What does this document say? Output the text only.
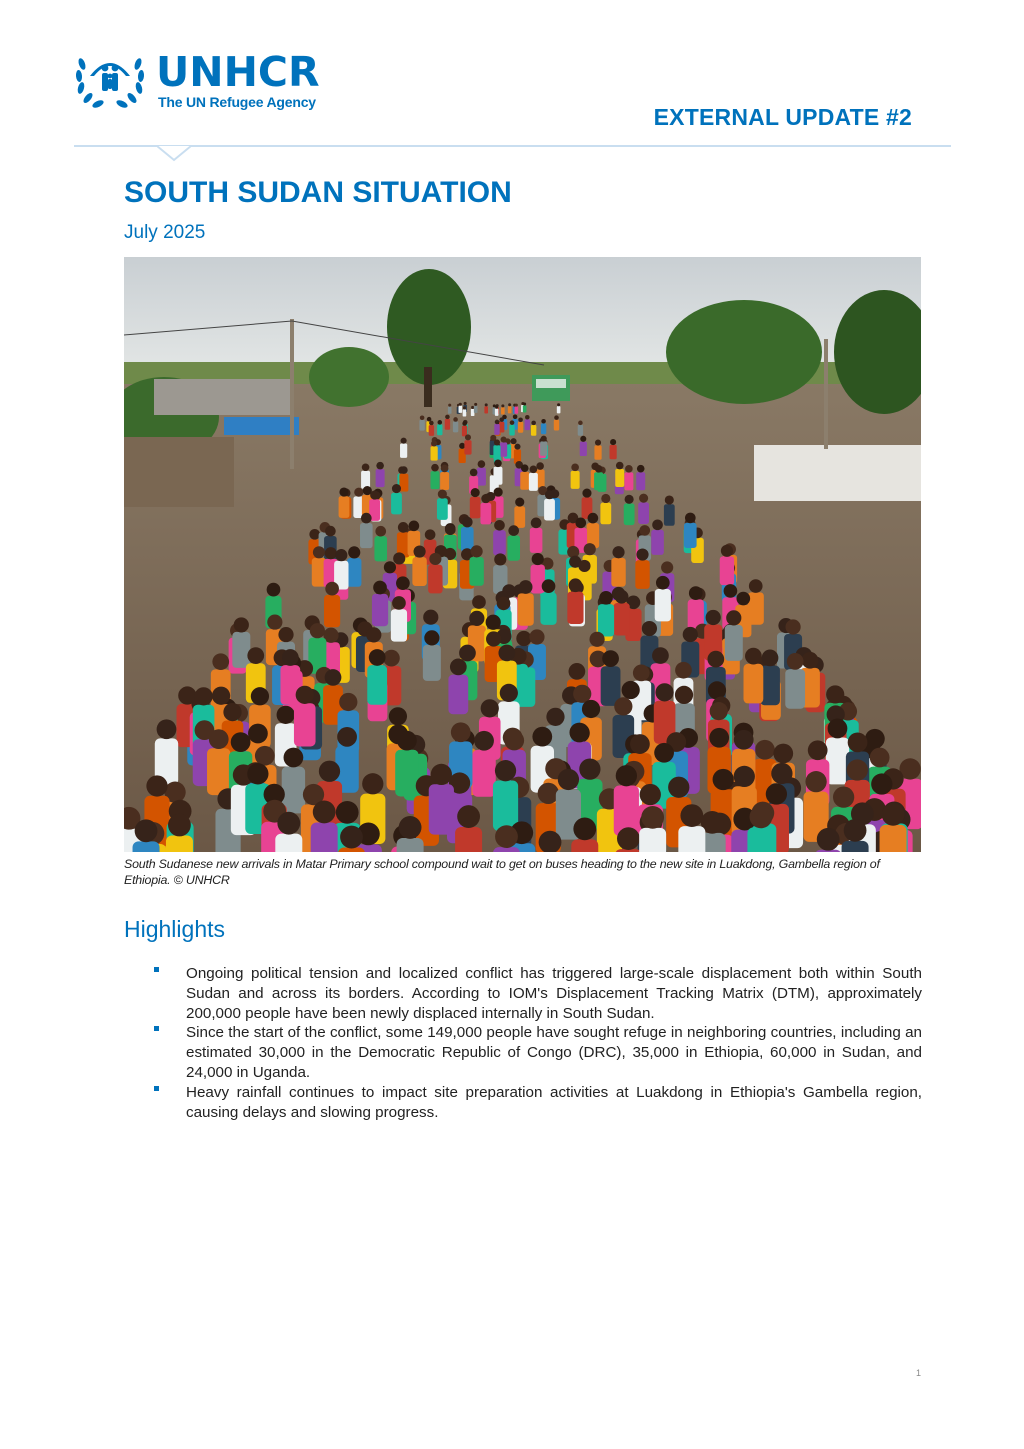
UNHCR
The UN Refugee Agency
EXTERNAL UPDATE #2
SOUTH SUDAN SITUATION
July 2025
South Sudanese new arrivals in Matar Primary school compound wait to get on buses heading to the new site in Luakdong, Gambella region of Ethiopia. © UNHCR
Highlights
Ongoing political tension and localized conflict has triggered large-scale displacement both within South Sudan and across its borders. According to IOM's Displacement Tracking Matrix (DTM), approximately 200,000 people have been newly displaced internally in South Sudan.
Since the start of the conflict, some 149,000 people have sought refuge in neighboring countries, including an estimated 30,000 in the Democratic Republic of Congo (DRC), 35,000 in Ethiopia, 60,000 in Sudan, and 24,000 in Uganda.
Heavy rainfall continues to impact site preparation activities at Luakdong in Ethiopia's Gambella region, causing delays and slowing progress.
1
